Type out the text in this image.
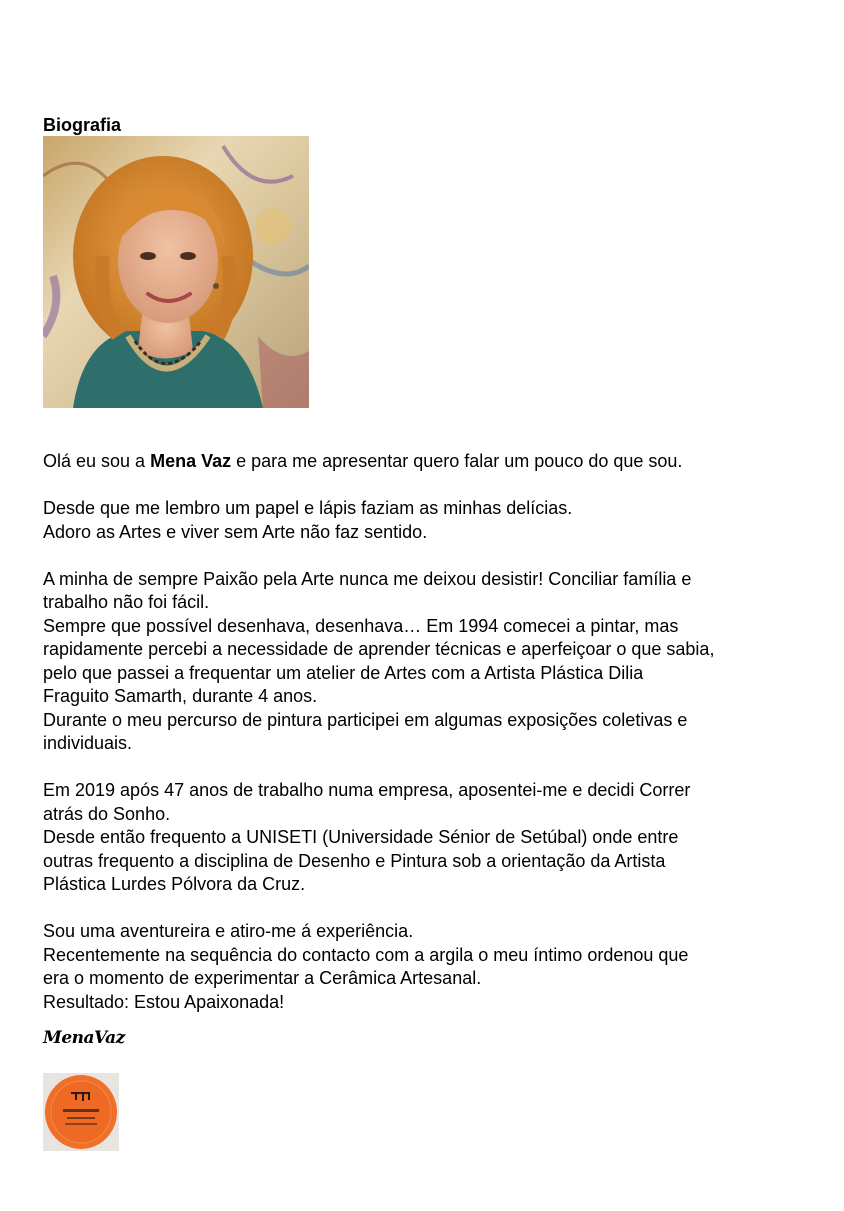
Biografia
Olá eu sou a Mena Vaz e para me apresentar quero falar um pouco do que sou.
Desde que me lembro um papel e lápis faziam as minhas delícias.
Adoro as Artes e viver sem Arte não faz sentido.
A minha de sempre Paixão pela Arte nunca me deixou desistir! Conciliar família e
trabalho não foi fácil.
Sempre que possível desenhava, desenhava… Em 1994 comecei a pintar, mas
rapidamente percebi a necessidade de aprender técnicas e aperfeiçoar o que sabia,
pelo que passei a frequentar um atelier de Artes com a Artista Plástica Dilia
Fraguito Samarth, durante 4 anos.
Durante o meu percurso de pintura participei em algumas exposições coletivas e
individuais.
Em 2019 após 47 anos de trabalho numa empresa, aposentei-me e decidi Correr
atrás do Sonho.
Desde então frequento a UNISETI (Universidade Sénior de Setúbal) onde entre
outras frequento a disciplina de Desenho e Pintura sob a orientação da Artista
Plástica Lurdes Pólvora da Cruz.
Sou uma aventureira e atiro-me á experiência.
Recentemente na sequência do contacto com a argila o meu íntimo ordenou que
era o momento de experimentar a Cerâmica Artesanal.
Resultado: Estou Apaixonada!
MenaVaz
